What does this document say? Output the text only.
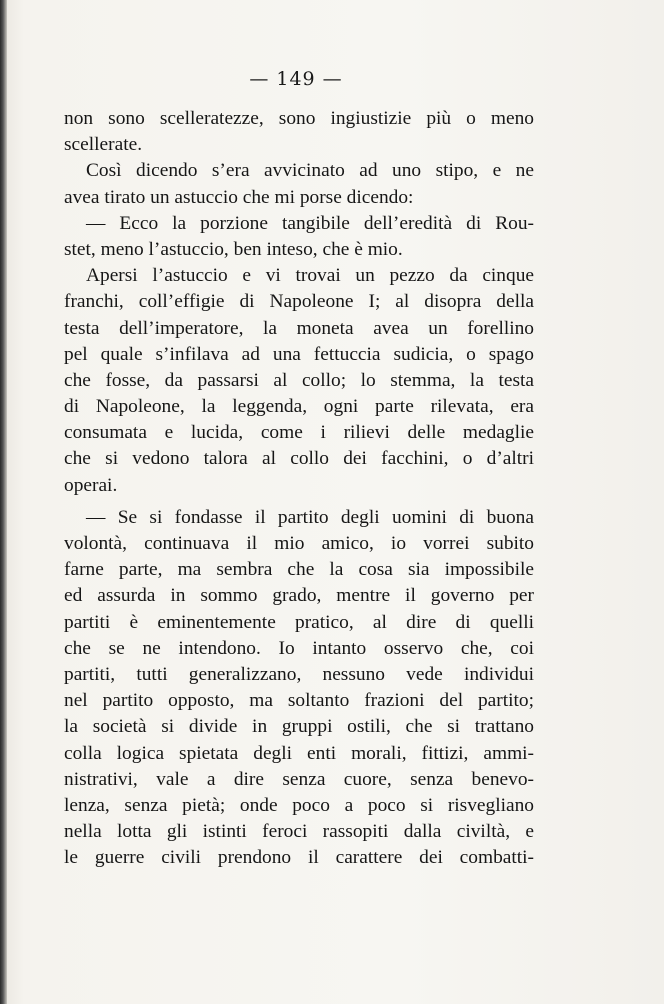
— 149 —
non sono scelleratezze, sono ingiustizie più o meno
scellerate.
Così dicendo s’era avvicinato ad uno stipo, e ne
avea tirato un astuccio che mi porse dicendo:
— Ecco la porzione tangibile dell’eredità di Rou-
stet, meno l’astuccio, ben inteso, che è mio.
Apersi l’astuccio e vi trovai un pezzo da cinque
franchi, coll’effigie di Napoleone I; al disopra della
testa dell’imperatore, la moneta avea un forellino
pel quale s’infilava ad una fettuccia sudicia, o spago
che fosse, da passarsi al collo; lo stemma, la testa
di Napoleone, la leggenda, ogni parte rilevata, era
consumata e lucida, come i rilievi delle medaglie
che si vedono talora al collo dei facchini, o d’altri
operai.
— Se si fondasse il partito degli uomini di buona
volontà, continuava il mio amico, io vorrei subito
farne parte, ma sembra che la cosa sia impossibile
ed assurda in sommo grado, mentre il governo per
partiti è eminentemente pratico, al dire di quelli
che se ne intendono. Io intanto osservo che, coi
partiti, tutti generalizzano, nessuno vede individui
nel partito opposto, ma soltanto frazioni del partito;
la società si divide in gruppi ostili, che si trattano
colla logica spietata degli enti morali, fittizi, ammi-
nistrativi, vale a dire senza cuore, senza benevo-
lenza, senza pietà; onde poco a poco si risvegliano
nella lotta gli istinti feroci rassopiti dalla civiltà, e
le guerre civili prendono il carattere dei combatti-
